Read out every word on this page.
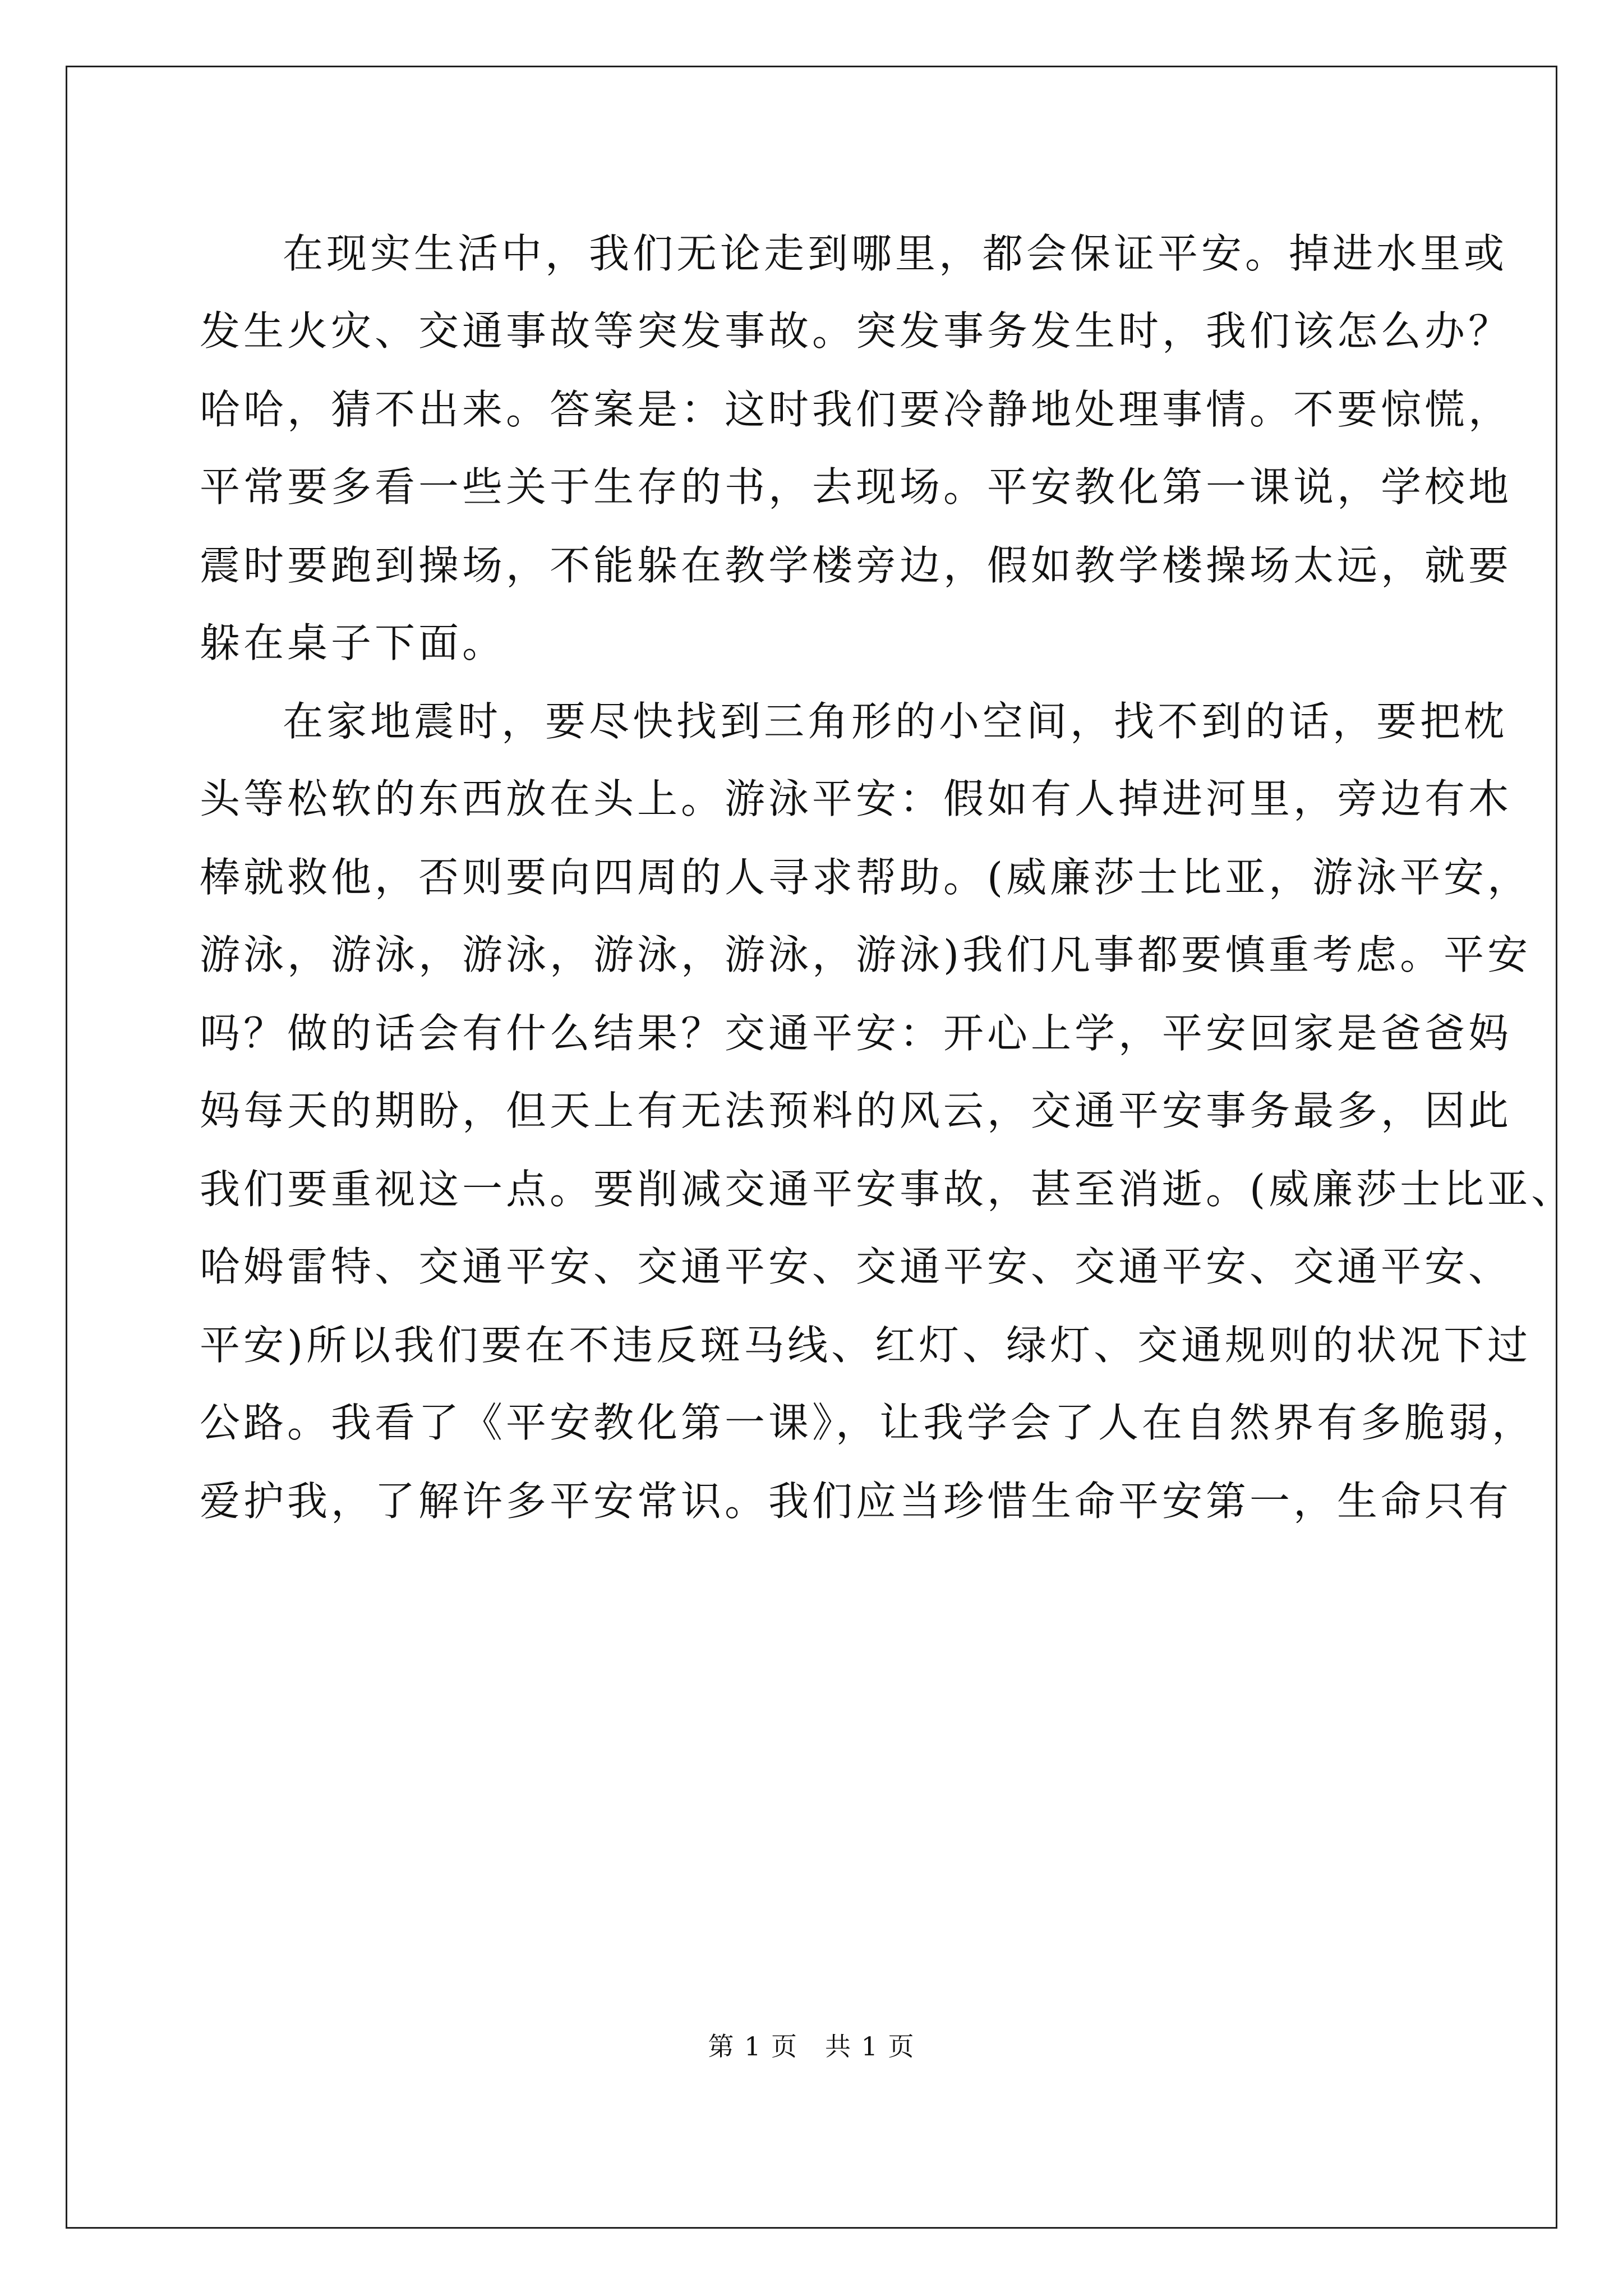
在现实生活中，我们无论走到哪里，都会保证平安。掉进水里或
发生火灾、交通事故等突发事故。突发事务发生时，我们该怎么办？
哈哈，猜不出来。答案是：这时我们要冷静地处理事情。不要惊慌，
平常要多看一些关于生存的书，去现场。平安教化第一课说，学校地
震时要跑到操场，不能躲在教学楼旁边，假如教学楼操场太远，就要
躲在桌子下面。
在家地震时，要尽快找到三角形的小空间，找不到的话，要把枕
头等松软的东西放在头上。游泳平安：假如有人掉进河里，旁边有木
棒就救他，否则要向四周的人寻求帮助。(威廉莎士比亚，游泳平安，
游泳，游泳，游泳，游泳，游泳，游泳)我们凡事都要慎重考虑。平安
吗？做的话会有什么结果？交通平安：开心上学，平安回家是爸爸妈
妈每天的期盼，但天上有无法预料的风云，交通平安事务最多，因此
我们要重视这一点。要削减交通平安事故，甚至消逝。(威廉莎士比亚、
哈姆雷特、交通平安、交通平安、交通平安、交通平安、交通平安、
平安)所以我们要在不违反斑马线、红灯、绿灯、交通规则的状况下过
公路。我看了《平安教化第一课》，让我学会了人在自然界有多脆弱，
爱护我，了解许多平安常识。我们应当珍惜生命平安第一，生命只有
第 1 页　共 1 页
